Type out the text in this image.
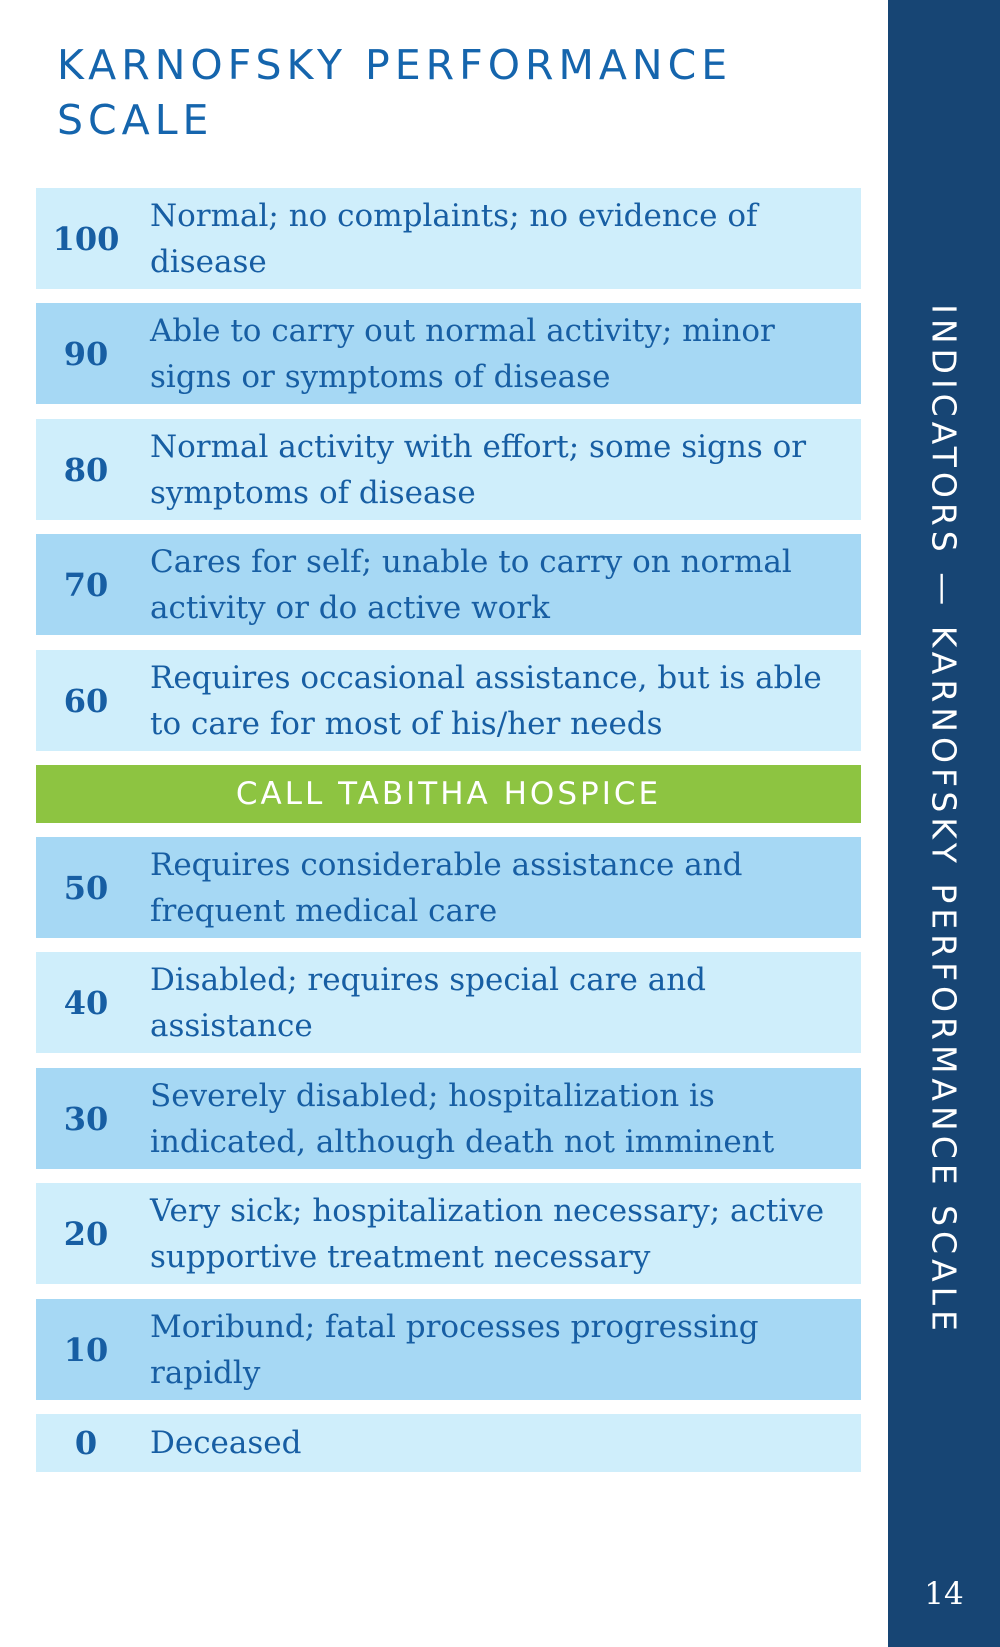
KARNOFSKY PERFORMANCE SCALE
100
Normal; no complaints; no evidence of disease
90
Able to carry out normal activity; minor signs or symptoms of disease
80
Normal activity with effort; some signs or symptoms of disease
70
Cares for self; unable to carry on normal activity or do active work
60
Requires occasional assistance, but is able to care for most of his/her needs
CALL TABITHA HOSPICE
50
Requires considerable assistance and frequent medical care
40
Disabled; requires special care and assistance
30
Severely disabled; hospitalization is indicated, although death not imminent
20
Very sick; hospitalization necessary; active supportive treatment necessary
10
Moribund; fatal processes progressing rapidly
0	Deceased
INDICATORS — KARNOFSKY PERFORMANCE SCALE
14
